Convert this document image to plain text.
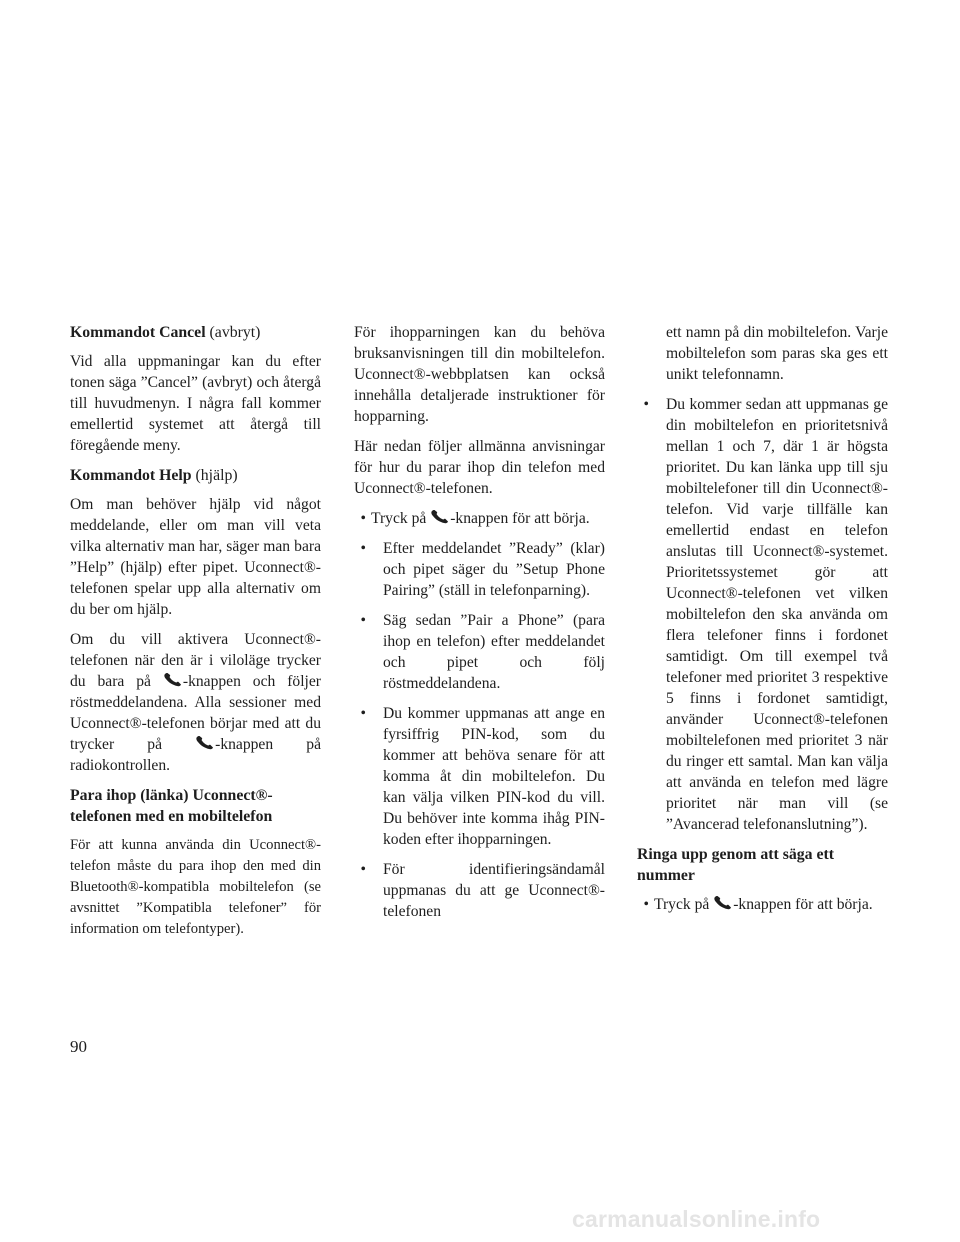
Kommandot Cancel (avbryt)

Vid alla uppmaningar kan du efter tonen säga ”Cancel” (avbryt) och återgå till huvudmenyn. I några fall kommer emellertid systemet att återgå till föregående meny.

Kommandot Help (hjälp)

Om man behöver hjälp vid något meddelande, eller om man vill veta vilka alternativ man har, säger man bara ”Help” (hjälp) efter pipet. Uconnect®-telefonen spelar upp alla alternativ om du ber om hjälp.

Om du vill aktivera Uconnect®-telefonen när den är i viloläge trycker du bara på -knappen och följer röstmeddelandena. Alla sessioner med Uconnect®-telefonen börjar med att du trycker på	-knappen på radiokontrollen.

Para ihop (länka) Uconnect®-telefonen med en mobiltelefon

För att kunna använda din Uconnect®-telefon måste du para ihop den med din Bluetooth®-kompatibla mobiltelefon (se avsnittet ”Kompatibla telefoner” för information om telefontyper).

För ihopparningen kan du behöva bruksanvisningen till din mobiltelefon. Uconnect®-webbplatsen kan också innehålla detaljerade instruktioner för hopparning.

Här nedan följer allmänna anvisningar för hur du parar ihop din telefon med Uconnect®-telefonen.

• Tryck på -knappen för att börja.
• Efter meddelandet ”Ready” (klar) och pipet säger du ”Setup Phone Pairing” (ställ in telefonparning).
• Säg sedan ”Pair a Phone” (para ihop en telefon) efter meddelandet och pipet och följ röstmeddelandena.
• Du kommer uppmanas att ange en fyrsiffrig PIN-kod, som du kommer att behöva senare för att komma åt din mobiltelefon. Du kan välja vilken PIN-kod du vill. Du behöver inte komma ihåg PIN-koden efter ihopparningen.
• För identifieringsändamål uppmanas du att ge Uconnect®-telefonen
ett namn på din mobiltelefon. Varje mobiltelefon som paras ska ges ett unikt telefonnamn.
• Du kommer sedan att uppmanas ge din mobiltelefon en prioritetsnivå mellan 1 och 7, där 1 är högsta prioritet. Du kan länka upp till sju mobiltelefoner till din Uconnect®-telefon. Vid varje tillfälle kan emellertid endast en telefon anslutas till Uconnect®-systemet. Prioritetssystemet gör att Uconnect®-telefonen vet vilken mobiltelefon den ska använda om flera telefoner finns i fordonet samtidigt. Om till exempel två telefoner med prioritet 3 respektive 5 finns i fordonet samtidigt, använder Uconnect®-telefonen mobiltelefonen med prioritet 3 när du ringer ett samtal. Man kan välja att använda en telefon med lägre prioritet när man vill (se ”Avancerad telefonanslutning”).
Ringa upp genom att säga ett nummer
• Tryck på -knappen för att börja.
90
carmanualsonline.info
